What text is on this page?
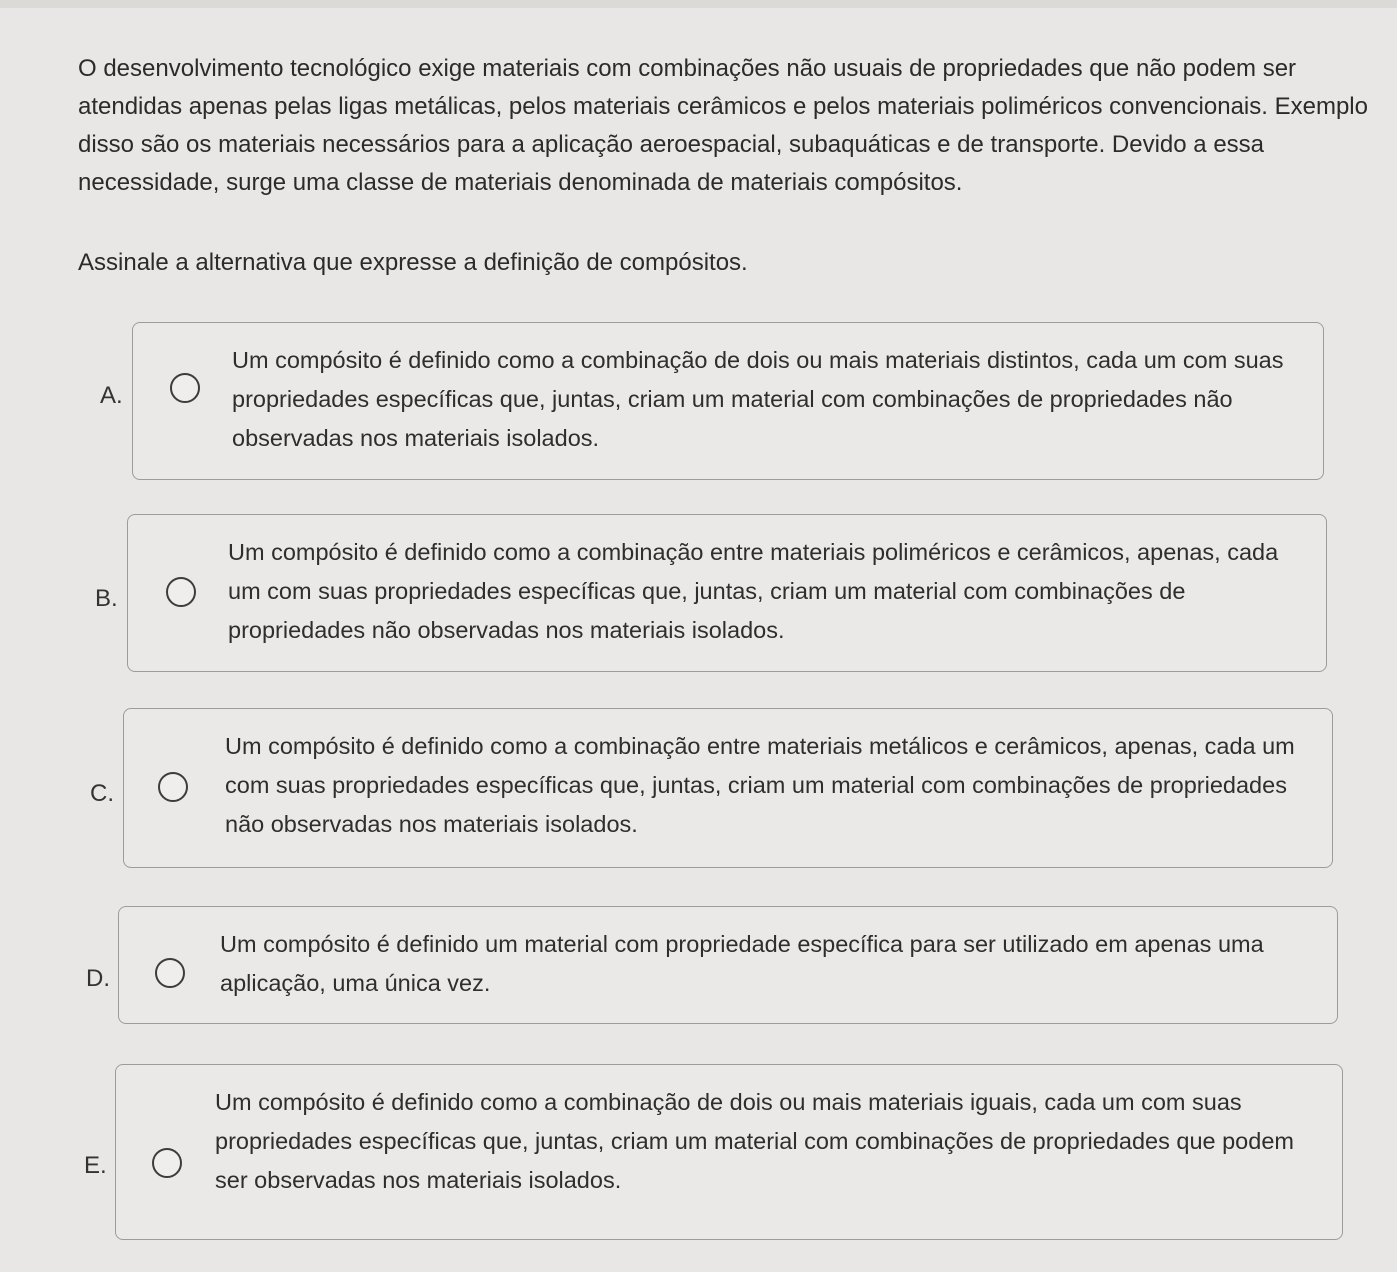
O desenvolvimento tecnológico exige materiais com combinações não usuais de propriedades que não podem ser atendidas apenas pelas ligas metálicas, pelos materiais cerâmicos e pelos materiais poliméricos convencionais. Exemplo disso são os materiais necessários para a aplicação aeroespacial, subaquáticas e de transporte. Devido a essa necessidade, surge uma classe de materiais denominada de materiais compósitos.

Assinale a alternativa que expresse a definição de compósitos.
A.
Um compósito é definido como a combinação de dois ou mais materiais distintos, cada um com suas propriedades específicas que, juntas, criam um material com combinações de propriedades não observadas nos materiais isolados.
B.
Um compósito é definido como a combinação entre materiais poliméricos e cerâmicos, apenas, cada um com suas propriedades específicas que, juntas, criam um material com combinações de propriedades não observadas nos materiais isolados.
C.
Um compósito é definido como a combinação entre materiais metálicos e cerâmicos, apenas, cada um com suas propriedades específicas que, juntas, criam um material com combinações de propriedades não observadas nos materiais isolados.
D.
Um compósito é definido um material com propriedade específica para ser utilizado em apenas uma aplicação, uma única vez.
E.
Um compósito é definido como a combinação de dois ou mais materiais iguais, cada um com suas propriedades específicas que, juntas, criam um material com combinações de propriedades que podem ser observadas nos materiais isolados.
